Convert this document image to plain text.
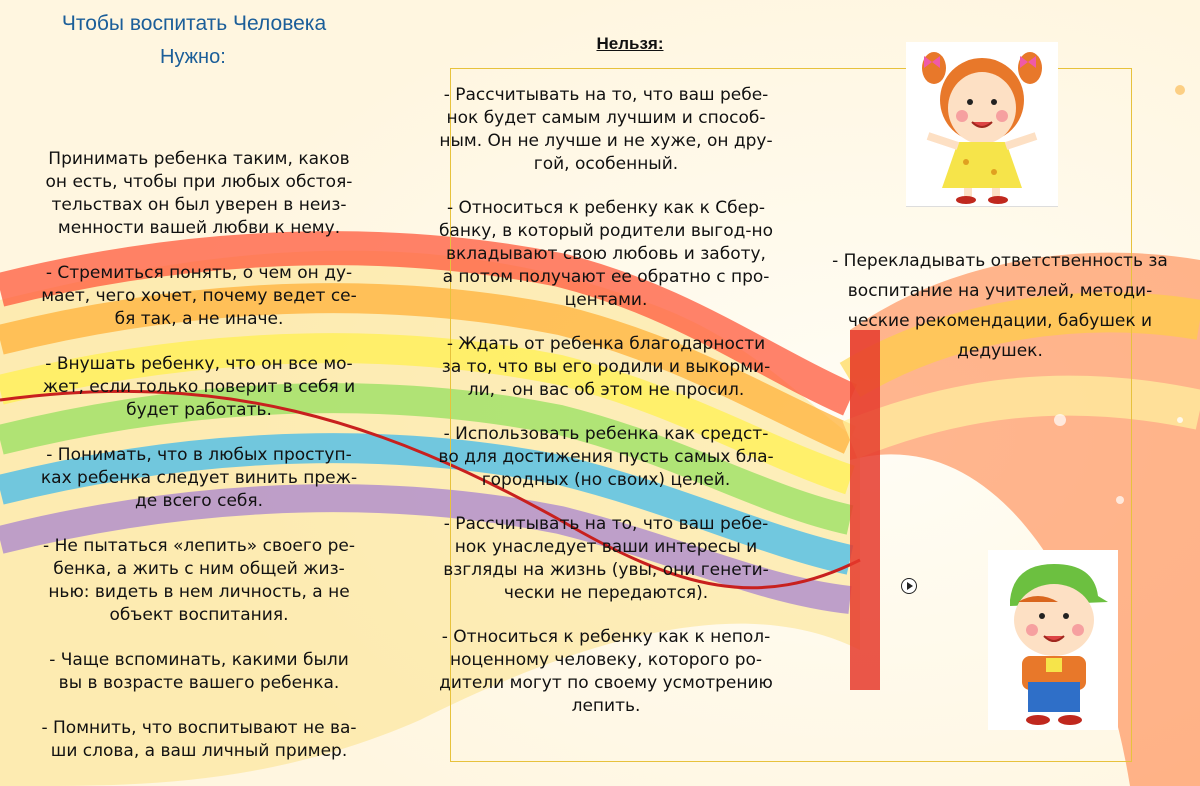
Чтобы воспитать Человека
Нужно:
Нельзя:

Принимать ребенка таким, каков

он есть, чтобы при любых обстоя-

тельствах он был уверен в неиз-

менности вашей любви к нему.

- Стремиться понять, о чем он ду-

мает, чего хочет, почему ведет се-

бя так, а не иначе.

- Внушать ребенку, что он все мо-

жет, если только поверит в себя и

будет работать.

- Понимать, что в любых проступ-

ках ребенка следует винить преж-

де всего себя.

- Не пытаться «лепить» своего ре-

бенка, а жить с ним общей жиз-

нью: видеть в нем личность, а не

объект воспитания.

- Чаще вспоминать, какими были

вы в возрасте вашего ребенка.

- Помнить, что воспитывают не ва-

ши слова, а ваш личный пример.

- Рассчитывать на то, что ваш ребе-

нок будет самым лучшим и способ-

ным. Он не лучше и не хуже, он дру-

гой, особенный.

- Относиться к ребенку как к Сбер-

банку, в который родители выгод-но

вкладывают свою любовь и заботу,

а потом получают ее обратно с про-

центами.

- Ждать от ребенка благодарности

за то, что вы его родили и выкорми-

ли, - он вас об этом не просил.

- Использовать ребенка как средст-

во для достижения пусть самых бла-

городных (но своих) целей.

- Рассчитывать на то, что ваш ребе-

нок унаследует ваши интересы и

взгляды на жизнь (увы, они генети-

чески не передаются).

- Относиться к ребенку как к непол-

ноценному человеку, которого ро-

дители могут по своему усмотрению

лепить.

- Перекладывать ответственность за

воспитание на учителей, методи-

ческие рекомендации, бабушек и

дедушек.
